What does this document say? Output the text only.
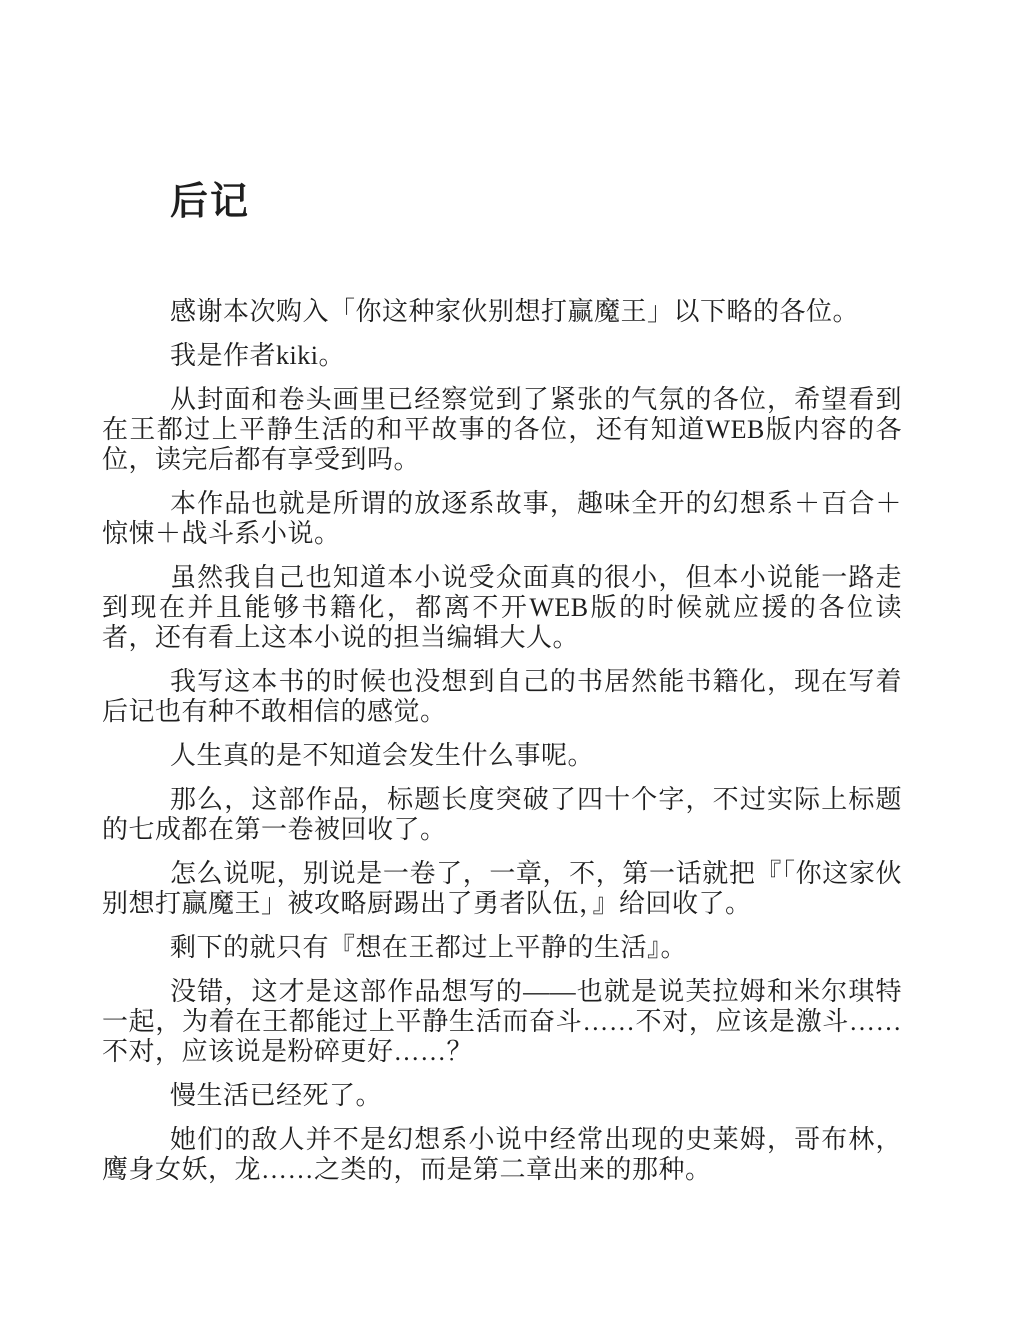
后记

感谢本次购入「你这种家伙别想打赢魔王」以下略的各位。

我是作者kiki。

从封面和卷头画里已经察觉到了紧张的气氛的各位，希望看到在王都过上平静生活的和平故事的各位，还有知道WEB版内容的各位，读完后都有享受到吗。

本作品也就是所谓的放逐系故事，趣味全开的幻想系＋百合＋惊悚＋战斗系小说。

虽然我自己也知道本小说受众面真的很小，但本小说能一路走到现在并且能够书籍化，都离不开WEB版的时候就应援的各位读者，还有看上这本小说的担当编辑大人。

我写这本书的时候也没想到自己的书居然能书籍化，现在写着后记也有种不敢相信的感觉。

人生真的是不知道会发生什么事呢。

那么，这部作品，标题长度突破了四十个字，不过实际上标题的七成都在第一卷被回收了。

怎么说呢，别说是一卷了，一章，不，第一话就把『「你这家伙别想打赢魔王」被攻略厨踢出了勇者队伍，』给回收了。

剩下的就只有『想在王都过上平静的生活』。

没错，这才是这部作品想写的——也就是说芙拉姆和米尔琪特一起，为着在王都能过上平静生活而奋斗……不对，应该是激斗……不对，应该说是粉碎更好……？

慢生活已经死了。

她们的敌人并不是幻想系小说中经常出现的史莱姆，哥布林，鹰身女妖，龙……之类的，而是第二章出来的那种。
